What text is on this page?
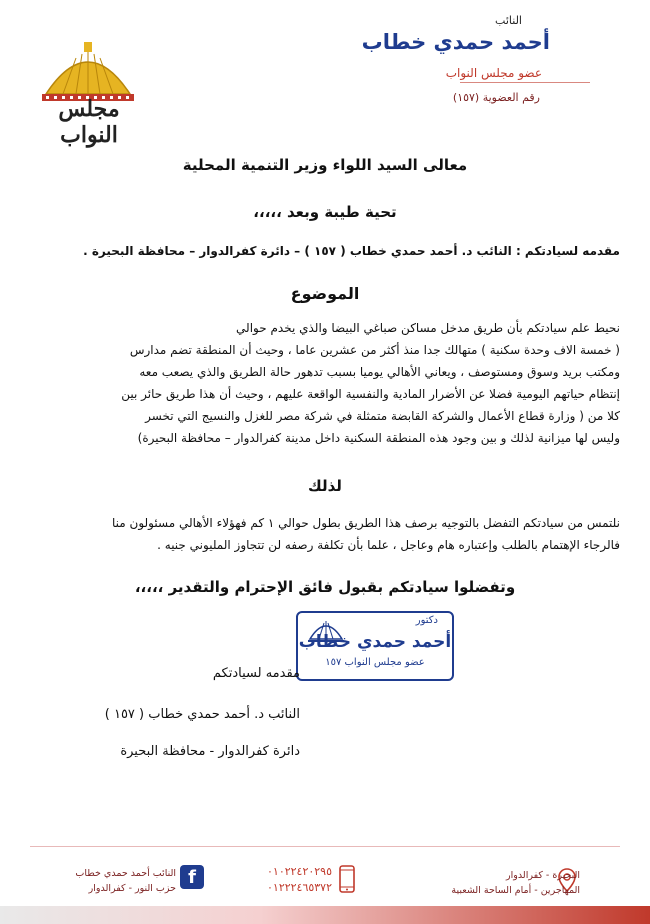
النائب
أحمد حمدي خطاب
عضو مجلس النواب
رقم العضوية (١٥٧)
مجلس النواب
معالى السيد اللواء وزير التنمية المحلية
تحية طيبة وبعد ،،،،،
مقدمه لسيادتكم : النائب د. أحمد حمدي خطاب ( ١٥٧ ) – دائرة كفرالدوار – محافظة البحيرة .
الموضوع
نحيط علم سيادتكم بأن طريق مدخل مساكن صباغي البيضا والذي يخدم حوالي
( خمسة الاف وحدة سكنية ) متهالك جدا منذ أكثر من عشرين عاما ، وحيث أن المنطقة تضم مدارس
ومكتب بريد وسوق ومستوصف ، ويعاني الأهالي يوميا بسبب تدهور حالة الطريق والذي يصعب معه
إنتظام حياتهم اليومية فضلا عن الأضرار المادية والنفسية الواقعة عليهم ، وحيث أن هذا طريق حائر بين
كلا من ( وزارة قطاع الأعمال والشركة القابضة متمثلة في شركة مصر للغزل والنسيج التي تخسر
وليس لها ميزانية لذلك و بين وجود هذه المنطقة السكنية داخل مدينة كفرالدوار – محافظة البحيرة)
لذلك
نلتمس من سيادتكم التفضل بالتوجيه برصف هذا الطريق بطول حوالي ١ كم فهؤلاء الأهالي مسئولون منا
فالرجاء الإهتمام بالطلب وإعتباره هام وعاجل ، علما بأن تكلفة رصفه لن تتجاوز المليوني جنيه .
وتفضلوا سيادتكم بقبول فائق الإحترام والتقدير ،،،،،
دكتور
أحمد حمدي خطاب
عضو مجلس النواب ١٥٧
مقدمه لسيادتكم
النائب د. أحمد حمدي خطاب ( ١٥٧ )
دائرة كفرالدوار - محافظة البحيرة
البحيرة - كفرالدوار
المهاجرين - أمام الساحة الشعبية
٠١٠٢٢٤٢٠٢٩٥
٠١٢٢٢٤٦٥٣٧٢
f
النائب أحمد حمدي خطاب
حزب النور - كفرالدوار
